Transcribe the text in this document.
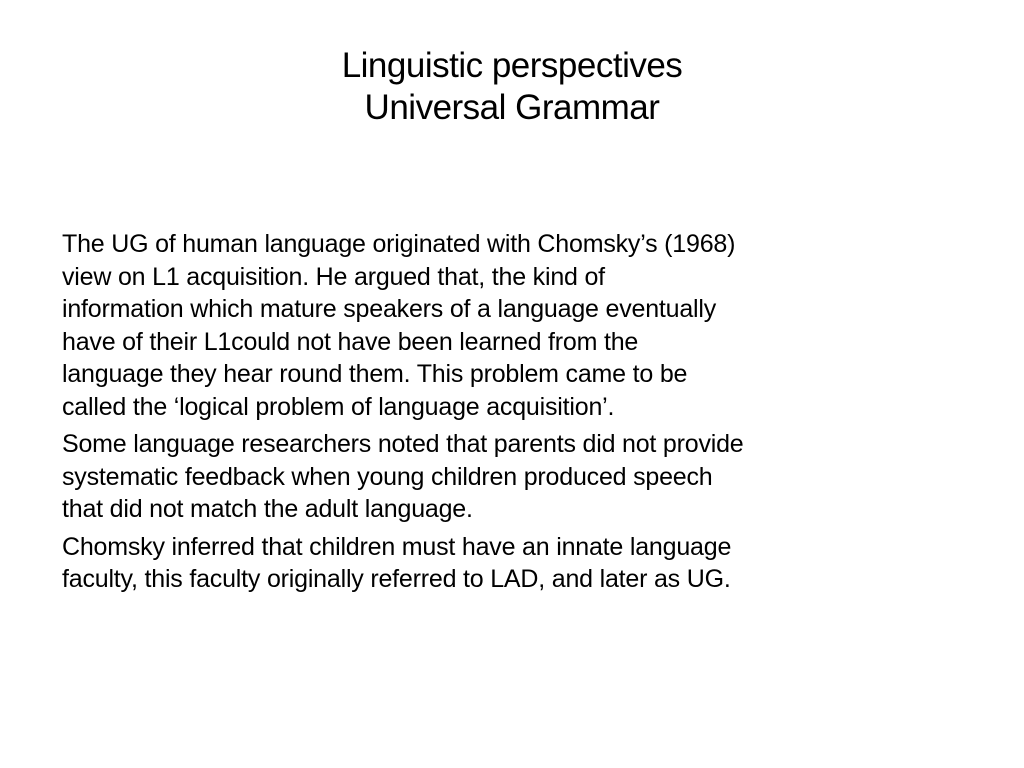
Linguistic perspectives
Universal Grammar
The UG of human language originated with Chomsky’s (1968)
view on L1 acquisition. He argued that, the kind of
information which mature speakers of a language eventually
have of their L1could not have been learned from the
language they hear round them. This problem came to be
called the ‘logical problem of language acquisition’.
Some language researchers noted that parents did not provide
systematic feedback when young children produced speech
that did not match the adult language.
Chomsky inferred that children must have an innate language
faculty, this faculty originally referred to LAD, and later as UG.
